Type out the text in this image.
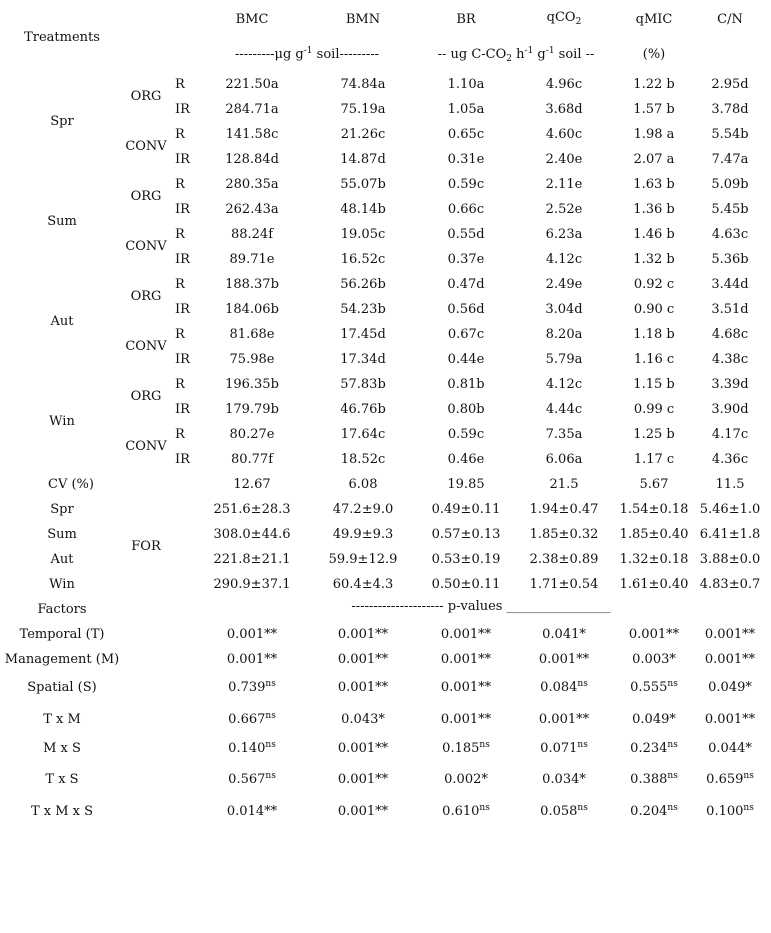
Treatments
BMC	BMN	BR	qCO$_2$	qMIC	C/N
---------μg $g^{-1}$ soil---------	-- ug $C-CO_2$ $h^{-1}$ $g^{-1}$ soil --	(%)
Spr
ORG
R	221.50a	74.84a	1.10a	4.96c	1.22 b	2.95d
IR	284.71a	75.19a	1.05a	3.68d	1.57 b	3.78d
CONV
R	141.58c	21.26c	0.65c	4.60c	1.98 a	5.54b
IR	128.84d	14.87d	0.31e	2.40e	2.07 a	7.47a
Sum
ORG
R	280.35a	55.07b	0.59c	2.11e	1.63 b	5.09b
IR	262.43a	48.14b	0.66c	2.52e	1.36 b	5.45b
CONV
R	88.24f	19.05c	0.55d	6.23a	1.46 b	4.63c
IR	89.71e	16.52c	0.37e	4.12c	1.32 b	5.36b
Aut
ORG
R	188.37b	56.26b	0.47d	2.49e	0.92 c	3.44d
IR	184.06b	54.23b	0.56d	3.04d	0.90 c	3.51d
CONV
R	81.68e	17.45d	0.67c	8.20a	1.18 b	4.68c
IR	75.98e	17.34d	0.44e	5.79a	1.16 c	4.38c
Win
ORG
R	196.35b	57.83b	0.81b	4.12c	1.15 b	3.39d
IR	179.79b	46.76b	0.80b	4.44c	0.99 c	3.90d
CONV
R	80.27e	17.64c	0.59c	7.35a	1.25 b	4.17c
IR	80.77f	18.52c	0.46e	6.06a	1.17 c	4.36c
CV (%)	12.67	6.08	19.85	21.5	5.67	11.5
FOR
Spr	251.6±28.3	47.2±9.0	0.49±0.11 1.94±0.47 1.54±0.18 5.46±1.0
Sum	308.0±44.6	49.9±9.3	0.57±0.13 1.85±0.32 1.85±0.40 6.41±1.8
Aut	221.8±21.1	59.9±12.9	0.53±0.19 2.38±0.89 1.32±0.18 3.88±0.0
Win	290.9±37.1	60.4±4.3	0.50±0.11 1.71±0.54 1.61±0.40 4.83±0.7
Factors	--------------------- p-values ________________
Temporal (T)	0.001**	0.001**	0.001**	0.041*	0.001** 0.001**
Management (M)	0.001**	0.001**	0.001**	0.001**	0.003* 0.001**
Spatial (S)	$0.739^{ns}$	0.001**	0.001**	$0.084^{ns}$	$0.555^{ns}$ 0.049*
T x M	$0.667^{ns}$	0.043*	0.001**	0.001**	0.049* 0.001**
M x S	$0.140^{ns}$	0.001**	$0.185^{ns}$	$0.071^{ns}$	$0.234^{ns}$ 0.044*
T x S	$0.567^{ns}$	0.001**	0.002*	0.034*	$0.388^{ns}$ $0.659^{ns}$
T x M x S	0.014**	0.001**	$0.610^{ns}$	$0.058^{ns}$	$0.204^{ns}$ $0.100^{ns}$
